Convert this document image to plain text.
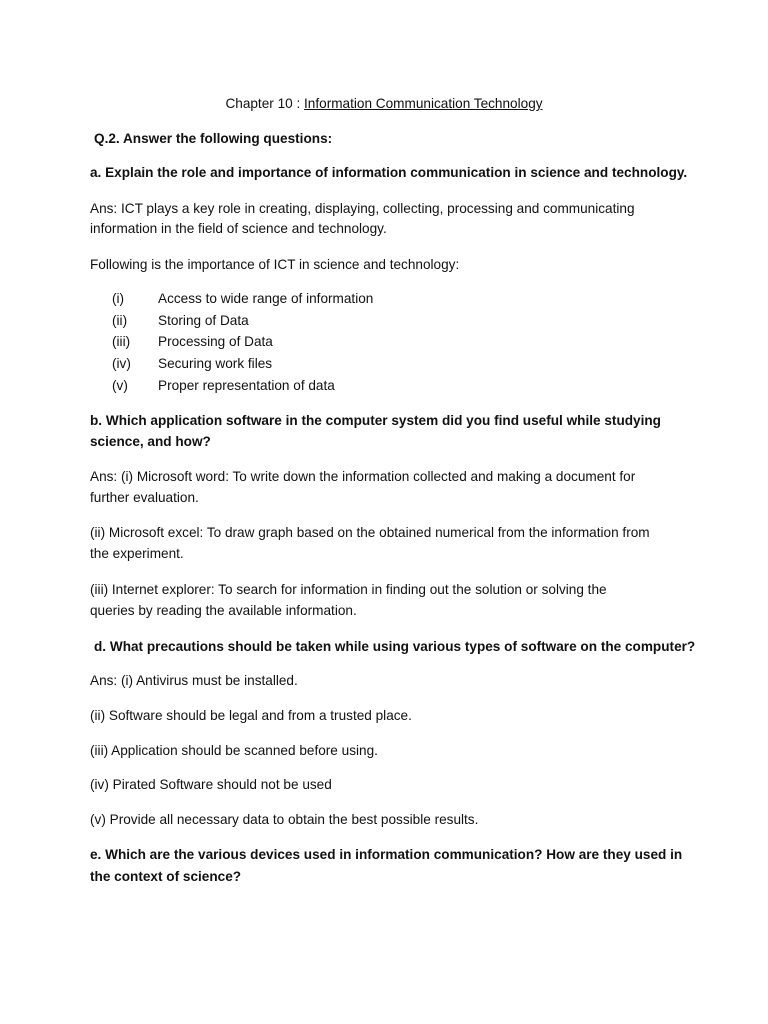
Chapter 10 : Information Communication Technology
Q.2. Answer the following questions:
a. Explain the role and importance of information communication in science and technology.
Ans: ICT plays a key role in creating, displaying, collecting, processing and communicating
information in the field of science and technology.
Following is the importance of ICT in science and technology:
(i) Access to wide range of information
(ii) Storing of Data
(iii) Processing of Data
(iv) Securing work files
(v) Proper representation of data
b. Which application software in the computer system did you find useful while studying
science, and how?
Ans: (i) Microsoft word: To write down the information collected and making a document for
further evaluation.
(ii) Microsoft excel: To draw graph based on the obtained numerical from the information from
the experiment.
(iii) Internet explorer: To search for information in finding out the solution or solving the
queries by reading the available information.
d. What precautions should be taken while using various types of software on the computer?
Ans: (i) Antivirus must be installed.
(ii) Software should be legal and from a trusted place.
(iii) Application should be scanned before using.
(iv) Pirated Software should not be used
(v) Provide all necessary data to obtain the best possible results.
e. Which are the various devices used in information communication? How are they used in
the context of science?
